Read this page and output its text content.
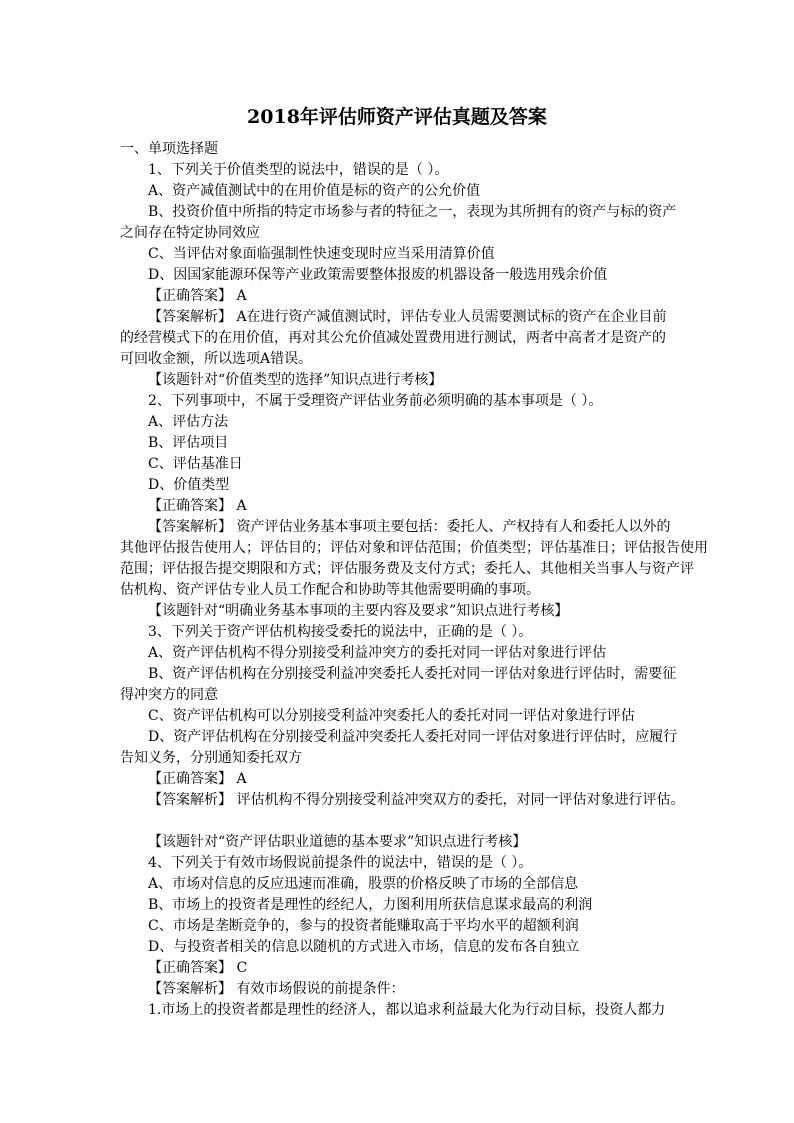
2018年评估师资产评估真题及答案
一、单项选择题
1、下列关于价值类型的说法中，错误的是（ ）。
A、资产减值测试中的在用价值是标的资产的公允价值
B、投资价值中所指的特定市场参与者的特征之一，表现为其所拥有的资产与标的资产
之间存在特定协同效应
C、当评估对象面临强制性快速变现时应当采用清算价值
D、因国家能源环保等产业政策需要整体报废的机器设备一般选用残余价值
【正确答案】 A
【答案解析】 A在进行资产减值测试时，评估专业人员需要测试标的资产在企业目前
的经营模式下的在用价值，再对其公允价值减处置费用进行测试，两者中高者才是资产的
可回收金额，所以选项A错误。
【该题针对“价值类型的选择”知识点进行考核】
2、下列事项中，不属于受理资产评估业务前必须明确的基本事项是（ ）。
A、评估方法
B、评估项目
C、评估基准日
D、价值类型
【正确答案】 A
【答案解析】 资产评估业务基本事项主要包括：委托人、产权持有人和委托人以外的
其他评估报告使用人；评估目的；评估对象和评估范围；价值类型；评估基准日；评估报告使用
范围；评估报告提交期限和方式；评估服务费及支付方式；委托人、其他相关当事人与资产评
估机构、资产评估专业人员工作配合和协助等其他需要明确的事项。
【该题针对“明确业务基本事项的主要内容及要求”知识点进行考核】
3、下列关于资产评估机构接受委托的说法中，正确的是（ ）。
A、资产评估机构不得分别接受利益冲突方的委托对同一评估对象进行评估
B、资产评估机构在分别接受利益冲突委托人委托对同一评估对象进行评估时，需要征
得冲突方的同意
C、资产评估机构可以分别接受利益冲突委托人的委托对同一评估对象进行评估
D、资产评估机构在分别接受利益冲突委托人委托对同一评估对象进行评估时，应履行
告知义务，分别通知委托双方
【正确答案】 A
【答案解析】 评估机构不得分别接受利益冲突双方的委托，对同一评估对象进行评估。
【该题针对“资产评估职业道德的基本要求”知识点进行考核】
4、下列关于有效市场假说前提条件的说法中，错误的是（ ）。
A、市场对信息的反应迅速而准确，股票的价格反映了市场的全部信息
B、市场上的投资者是理性的经纪人，力图利用所获信息谋求最高的利润
C、市场是垄断竞争的，参与的投资者能赚取高于平均水平的超额利润
D、与投资者相关的信息以随机的方式进入市场，信息的发布各自独立
【正确答案】 C
【答案解析】 有效市场假说的前提条件：
1.市场上的投资者都是理性的经济人，都以追求利益最大化为行动目标，投资人都力
